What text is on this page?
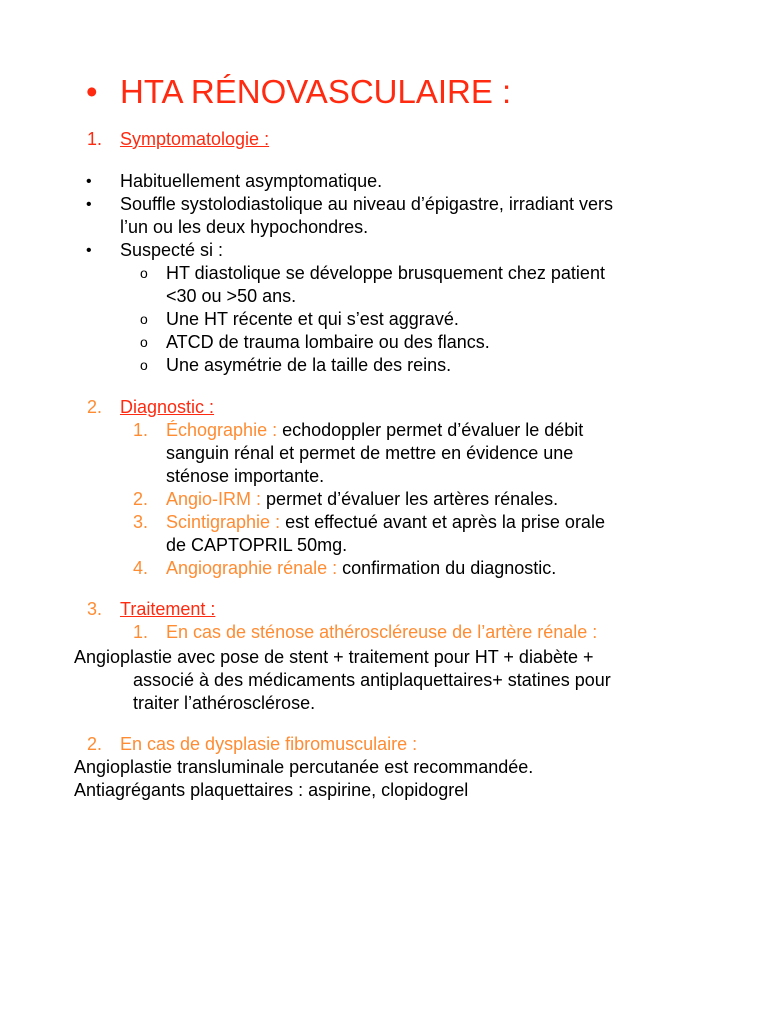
• HTA RÉNOVASCULAIRE :
1. Symptomatologie :
• Habituellement asymptomatique.
• Souffle systolodiastolique au niveau d’épigastre, irradiant vers
l’un ou les deux hypochondres.
• Suspecté si :
o HT diastolique se développe brusquement chez patient
<30 ou >50 ans.
o Une HT récente et qui s’est aggravé.
o ATCD de trauma lombaire ou des flancs.
o Une asymétrie de la taille des reins.
2. Diagnostic :
1. Échographie : echodoppler permet d’évaluer le débit
sanguin rénal et permet de mettre en évidence une
sténose importante.
2. Angio-IRM : permet d’évaluer les artères rénales.
3. Scintigraphie : est effectué avant et après la prise orale
de CAPTOPRIL 50mg.
4. Angiographie rénale : confirmation du diagnostic.
3. Traitement :
1. En cas de sténose athéroscléreuse de l’artère rénale :
Angioplastie avec pose de stent + traitement pour HT + diabète +
associé à des médicaments antiplaquettaires+ statines pour
traiter l’athérosclérose.
2. En cas de dysplasie fibromusculaire :
Angioplastie transluminale percutanée est recommandée.
Antiagrégants plaquettaires : aspirine, clopidogrel
